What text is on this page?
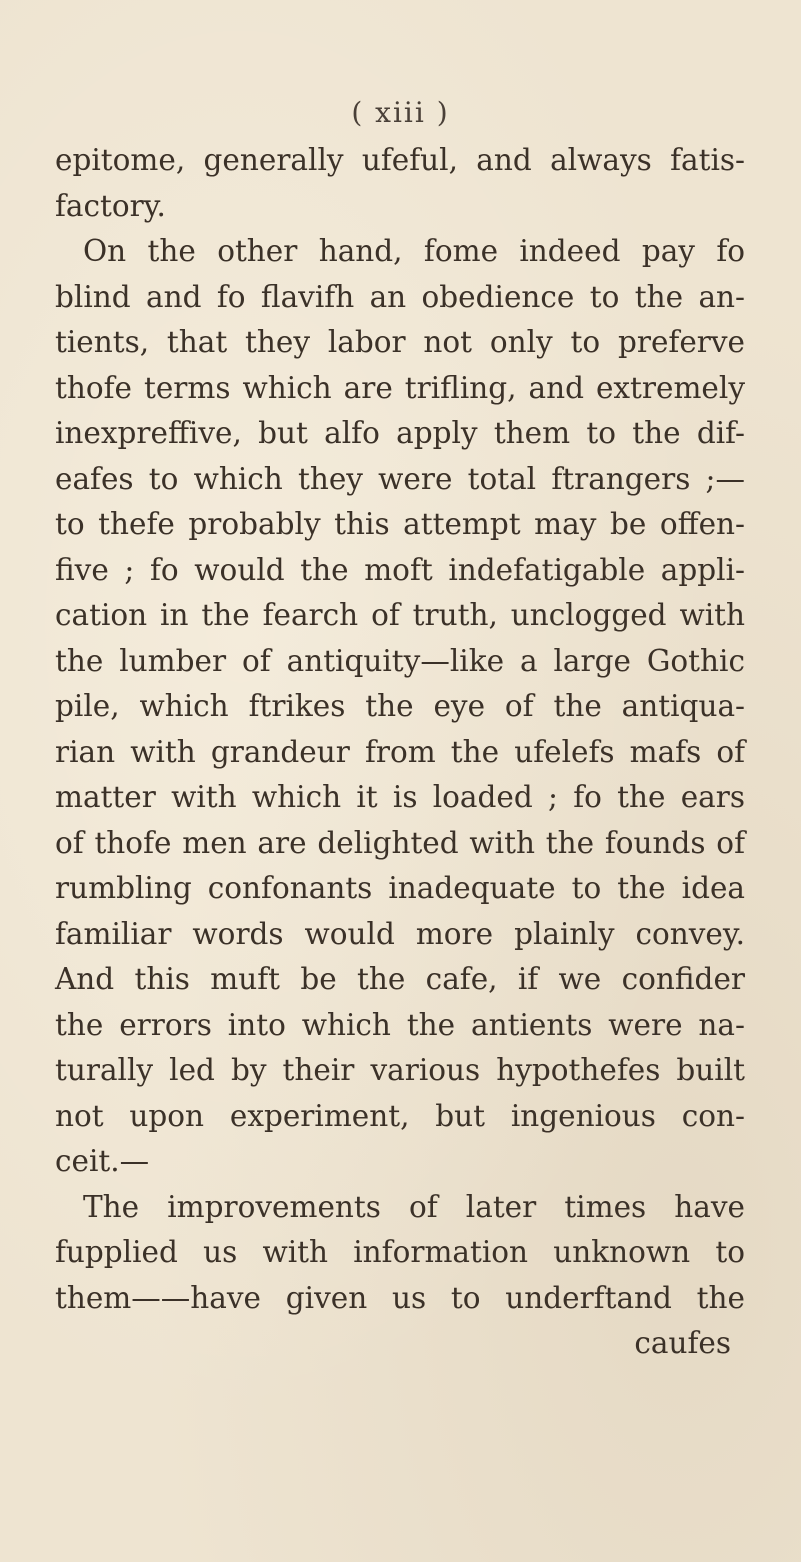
( xiii )
epitome, generally ufeful, and always fatis-
factory.
On the other hand, fome indeed pay fo
blind and fo flavifh an obedience to the an-
tients, that they labor not only to preferve
thofe terms which are trifling, and extremely
inexpreffive, but alfo apply them to the dif-
eafes to which they were total ftrangers ;—
to thefe probably this attempt may be offen-
five ; fo would the moft indefatigable appli-
cation in the fearch of truth, unclogged with
the lumber of antiquity—like a large Gothic
pile, which ftrikes the eye of the antiqua-
rian with grandeur from the ufelefs mafs of
matter with which it is loaded ; fo the ears
of thofe men are delighted with the founds of
rumbling confonants inadequate to the idea
familiar words would more plainly convey.
And this muft be the cafe, if we confider
the errors into which the antients were na-
turally led by their various hypothefes built
not upon experiment, but ingenious con-
ceit.—
The improvements of later times have
fupplied us with information unknown to
them——have given us to underftand the
caufes
